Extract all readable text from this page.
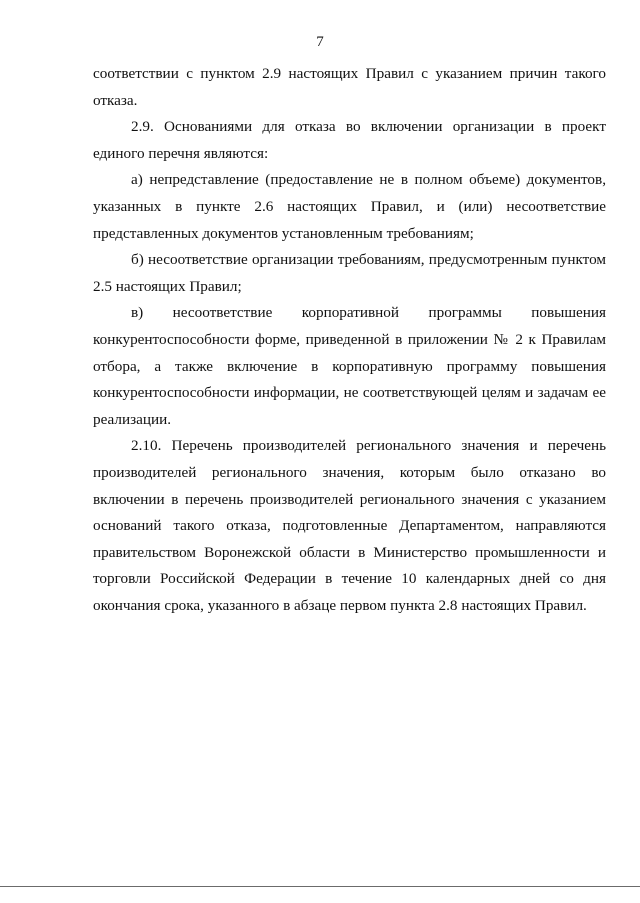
7

соответствии с пунктом 2.9 настоящих Правил с указанием причин такого отказа.

2.9. Основаниями для отказа во включении организации в проект единого перечня являются:

а) непредставление (предоставление не в полном объеме) документов, указанных в пункте 2.6 настоящих Правил, и (или) несоответствие представленных документов установленным требованиям;

б) несоответствие организации требованиям, предусмотренным пунктом 2.5 настоящих Правил;

в) несоответствие корпоративной программы повышения конкурентоспособности форме, приведенной в приложении № 2 к Правилам отбора, а также включение в корпоративную программу повышения конкурентоспособности информации, не соответствующей целям и задачам ее реализации.

2.10. Перечень производителей регионального значения и перечень производителей регионального значения, которым было отказано во включении в перечень производителей регионального значения с указанием оснований такого отказа, подготовленные Департаментом, направляются правительством Воронежской области в Министерство промышленности и торговли Российской Федерации в течение 10 календарных дней со дня окончания срока, указанного в абзаце первом пункта 2.8 настоящих Правил.
